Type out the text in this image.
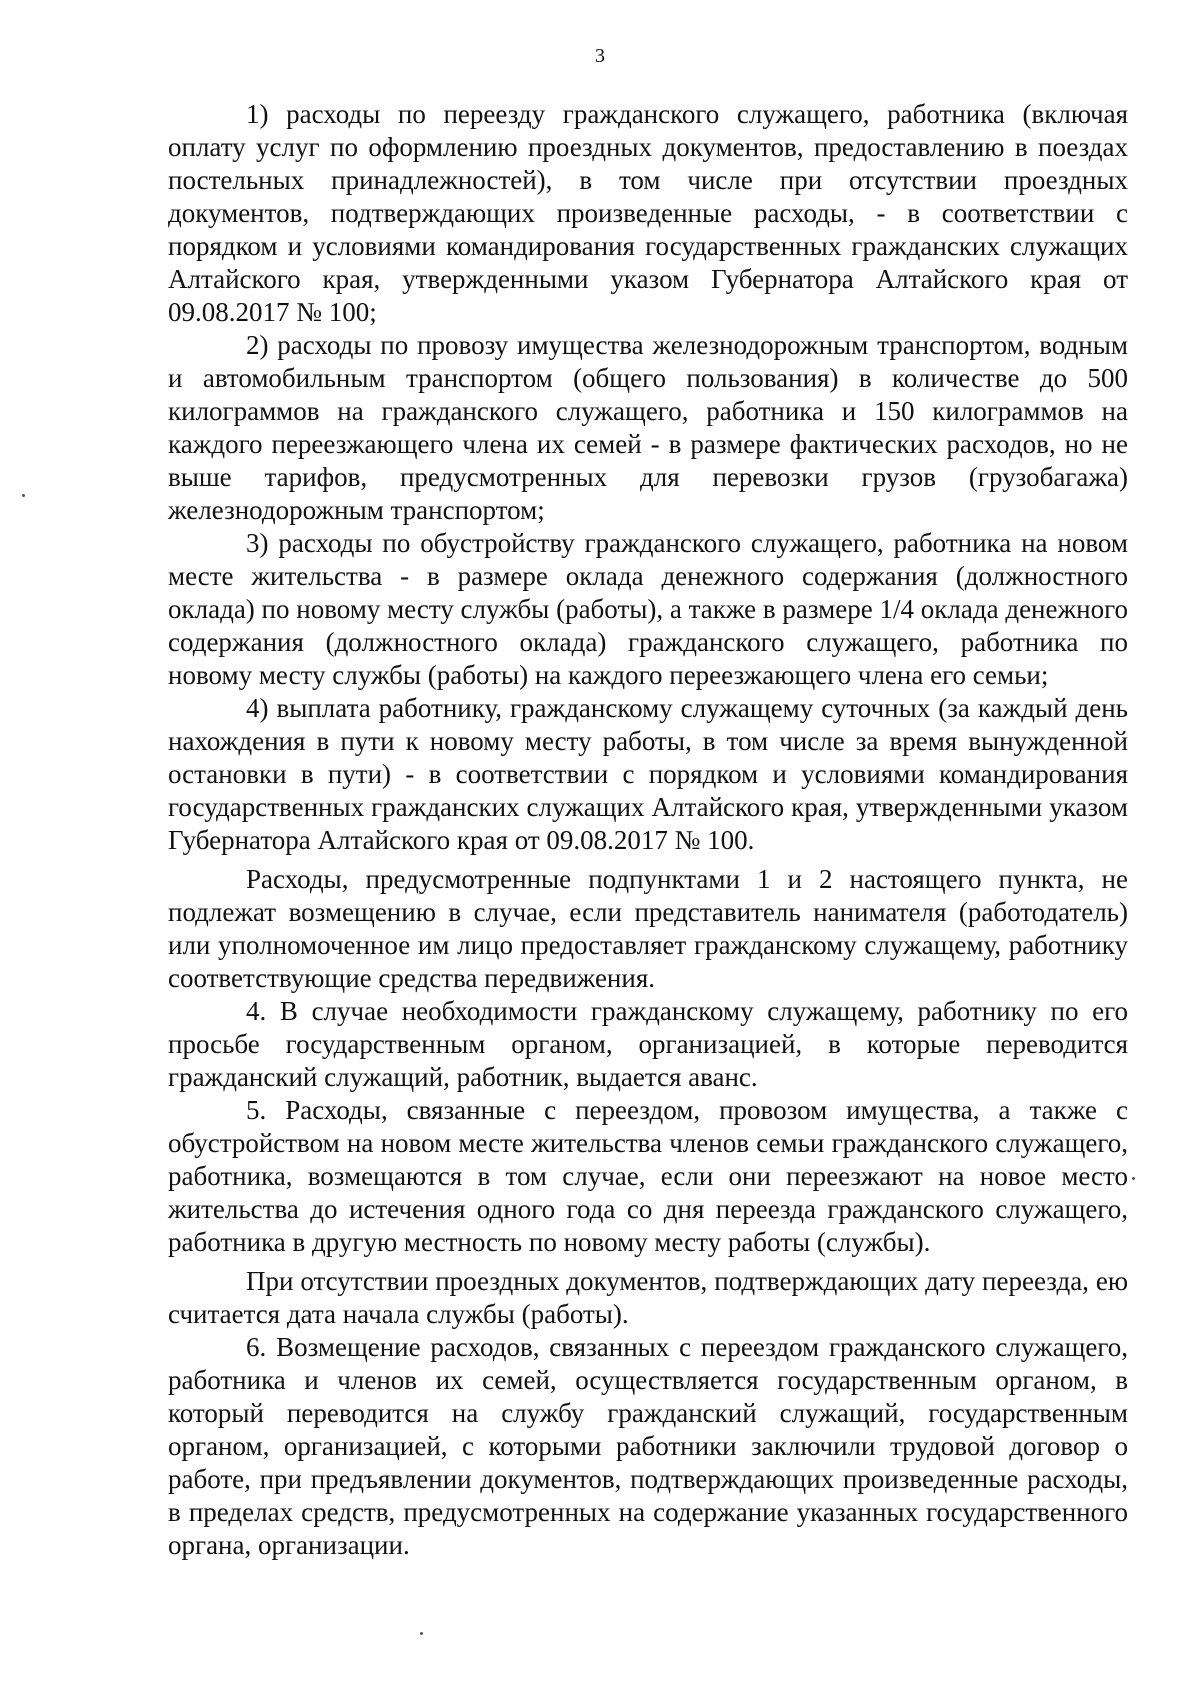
3

1) расходы по переезду гражданского служащего, работника (включая оплату услуг по оформлению проездных документов, предоставлению в поездах постельных принадлежностей), в том числе при отсутствии проездных документов, подтверждающих произведенные расходы, - в соответствии с порядком и условиями командирования государственных гражданских служащих Алтайского края, утвержденными указом Губернатора Алтайского края от 09.08.2017 № 100;

2) расходы по провозу имущества железнодорожным транспортом, водным и автомобильным транспортом (общего пользования) в количестве до 500 килограммов на гражданского служащего, работника и 150 килограммов на каждого переезжающего члена их семей - в размере фактических расходов, но не выше тарифов, предусмотренных для перевозки грузов (грузобагажа) железнодорожным транспортом;

3) расходы по обустройству гражданского служащего, работника на новом месте жительства - в размере оклада денежного содержания (должностного оклада) по новому месту службы (работы), а также в размере 1/4 оклада денежного содержания (должностного оклада) гражданского служащего, работника по новому месту службы (работы) на каждого переезжающего члена его семьи;

4) выплата работнику, гражданскому служащему суточных (за каждый день нахождения в пути к новому месту работы, в том числе за время вынужденной остановки в пути) - в соответствии с порядком и условиями командирования государственных гражданских служащих Алтайского края, утвержденными указом Губернатора Алтайского края от 09.08.2017 № 100.

Расходы, предусмотренные подпунктами 1 и 2 настоящего пункта, не подлежат возмещению в случае, если представитель нанимателя (работодатель) или уполномоченное им лицо предоставляет гражданскому служащему, работнику соответствующие средства передвижения.

4. В случае необходимости гражданскому служащему, работнику по его просьбе государственным органом, организацией, в которые переводится гражданский служащий, работник, выдается аванс.

5. Расходы, связанные с переездом, провозом имущества, а также с обустройством на новом месте жительства членов семьи гражданского служащего, работника, возмещаются в том случае, если они переезжают на новое место жительства до истечения одного года со дня переезда гражданского служащего, работника в другую местность по новому месту работы (службы).

При отсутствии проездных документов, подтверждающих дату переезда, ею считается дата начала службы (работы).

6. Возмещение расходов, связанных с переездом гражданского служащего, работника и членов их семей, осуществляется государственным органом, в который переводится на службу гражданский служащий, государственным органом, организацией, с которыми работники заключили трудовой договор о работе, при предъявлении документов, подтверждающих произведенные расходы, в пределах средств, предусмотренных на содержание указанных государственного органа, организации.
